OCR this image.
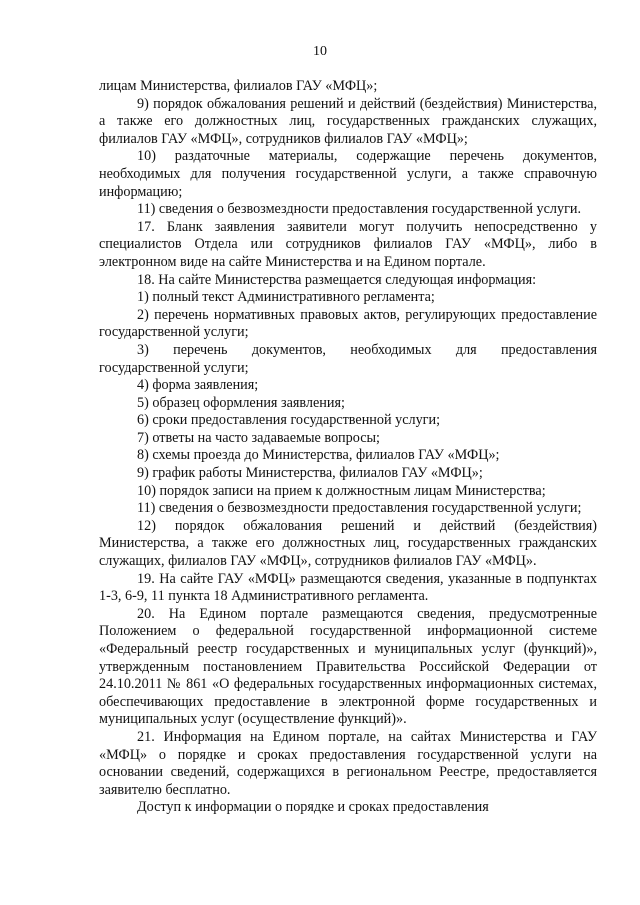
10

лицам Министерства, филиалов ГАУ «МФЦ»;

9) порядок обжалования решений и действий (бездействия) Министерства, а также его должностных лиц, государственных гражданских служащих, филиалов ГАУ «МФЦ», сотрудников филиалов ГАУ «МФЦ»;

10) раздаточные материалы, содержащие перечень документов, необходимых для получения государственной услуги, а также справочную информацию;

11) сведения о безвозмездности предоставления государственной услуги.

17. Бланк заявления заявители могут получить непосредственно у специалистов Отдела или сотрудников филиалов ГАУ «МФЦ», либо в электронном виде на сайте Министерства и на Едином портале.

18. На сайте Министерства размещается следующая информация:

1) полный текст Административного регламента;

2) перечень нормативных правовых актов, регулирующих предоставление государственной услуги;

3) перечень документов, необходимых для предоставления государственной услуги;

4) форма заявления;

5) образец оформления заявления;

6) сроки предоставления государственной услуги;

7) ответы на часто задаваемые вопросы;

8) схемы проезда до Министерства, филиалов ГАУ «МФЦ»;

9) график работы Министерства, филиалов ГАУ «МФЦ»;

10) порядок записи на прием к должностным лицам Министерства;

11) сведения о безвозмездности предоставления государственной услуги;

12) порядок обжалования решений и действий (бездействия) Министерства, а также его должностных лиц, государственных гражданских служащих, филиалов ГАУ «МФЦ», сотрудников филиалов ГАУ «МФЦ».

19. На сайте ГАУ «МФЦ» размещаются сведения, указанные в подпунктах 1-3, 6-9, 11 пункта 18 Административного регламента.

20. На Едином портале размещаются сведения, предусмотренные Положением о федеральной государственной информационной системе «Федеральный реестр государственных и муниципальных услуг (функций)», утвержденным постановлением Правительства Российской Федерации от 24.10.2011 № 861 «О федеральных государственных информационных системах, обеспечивающих предоставление в электронной форме государственных и муниципальных услуг (осуществление функций)».

21. Информация на Едином портале, на сайтах Министерства и ГАУ «МФЦ» о порядке и сроках предоставления государственной услуги на основании сведений, содержащихся в региональном Реестре, предоставляется заявителю бесплатно.

Доступ к информации о порядке и сроках предоставления
